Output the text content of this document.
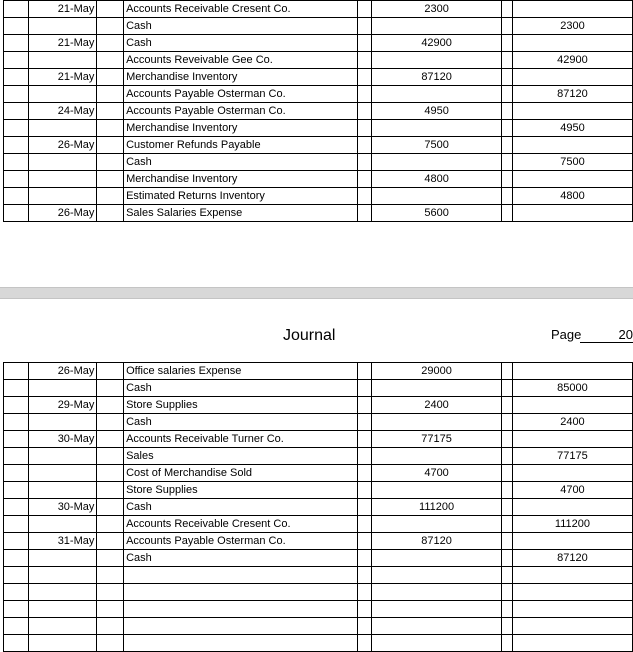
	21-May		Accounts Receivable Cresent Co.		2300		
			Cash				2300
	21-May		Cash		42900		
			Accounts Reveivable Gee Co.				42900
	21-May		Merchandise Inventory		87120		
			Accounts Payable Osterman Co.				87120
	24-May		Accounts Payable Osterman Co.		4950		
			Merchandise Inventory				4950
	26-May		Customer Refunds Payable		7500		
			Cash				7500
			Merchandise Inventory		4800		
			Estimated Returns Inventory				4800
	26-May		Sales Salaries Expense		5600		
Journal	Page	20
	26-May		Office salaries Expense		29000		
			Cash				85000
	29-May		Store Supplies		2400		
			Cash				2400
	30-May		Accounts Receivable Turner Co.		77175		
			Sales				77175
			Cost of Merchandise Sold		4700		
			Store Supplies				4700
	30-May		Cash		111200		
			Accounts Receivable Cresent Co.				111200
	31-May		Accounts Payable Osterman Co.		87120		
			Cash				87120
